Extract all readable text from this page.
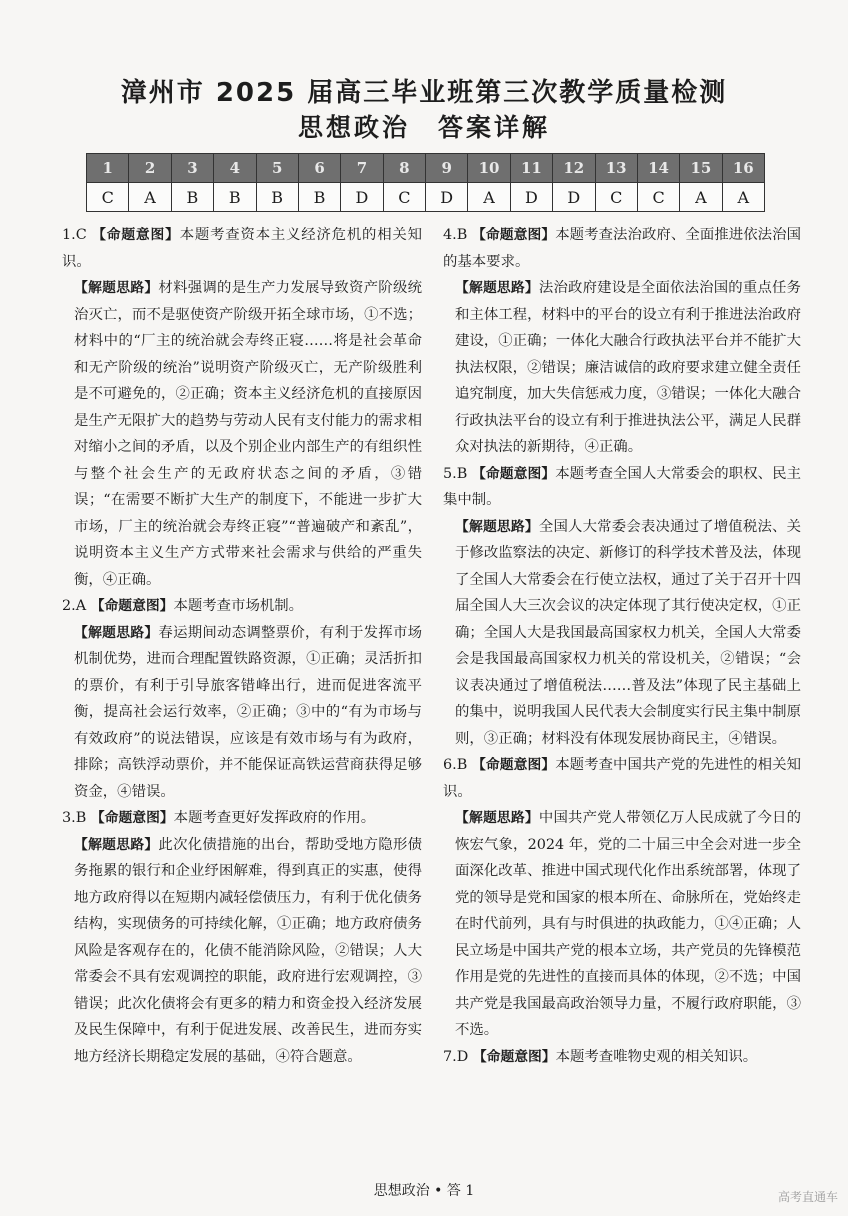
漳州市 2025 届高三毕业班第三次教学质量检测
思想政治 答案详解
1	2	3	4	5	6	7	8	9	10	11	12	13	14	15	16
C	A	B	B	B	B	D	C	D	A	D	D	C	C	A	A

1.C 【命题意图】本题考查资本主义经济危机的相关知识。

【解题思路】材料强调的是生产力发展导致资产阶级统治灭亡，而不是驱使资产阶级开拓全球市场，①不选；材料中的“厂主的统治就会寿终正寝……将是社会革命和无产阶级的统治”说明资产阶级灭亡，无产阶级胜利是不可避免的，②正确；资本主义经济危机的直接原因是生产无限扩大的趋势与劳动人民有支付能力的需求相对缩小之间的矛盾，以及个别企业内部生产的有组织性与整个社会生产的无政府状态之间的矛盾，③错误；“在需要不断扩大生产的制度下，不能进一步扩大市场，厂主的统治就会寿终正寝”“普遍破产和紊乱”，说明资本主义生产方式带来社会需求与供给的严重失衡，④正确。

2.A 【命题意图】本题考查市场机制。

【解题思路】春运期间动态调整票价，有利于发挥市场机制优势，进而合理配置铁路资源，①正确；灵活折扣的票价，有利于引导旅客错峰出行，进而促进客流平衡，提高社会运行效率，②正确；③中的“有为市场与有效政府”的说法错误，应该是有效市场与有为政府，排除；高铁浮动票价，并不能保证高铁运营商获得足够资金，④错误。

3.B 【命题意图】本题考查更好发挥政府的作用。

【解题思路】此次化债措施的出台，帮助受地方隐形债务拖累的银行和企业纾困解难，得到真正的实惠，使得地方政府得以在短期内减轻偿债压力，有利于优化债务结构，实现债务的可持续化解，①正确；地方政府债务风险是客观存在的，化债不能消除风险，②错误；人大常委会不具有宏观调控的职能，政府进行宏观调控，③错误；此次化债将会有更多的精力和资金投入经济发展及民生保障中，有利于促进发展、改善民生，进而夯实地方经济长期稳定发展的基础，④符合题意。

4.B 【命题意图】本题考查法治政府、全面推进依法治国的基本要求。

【解题思路】法治政府建设是全面依法治国的重点任务和主体工程，材料中的平台的设立有利于推进法治政府建设，①正确；一体化大融合行政执法平台并不能扩大执法权限，②错误；廉洁诚信的政府要求建立健全责任追究制度，加大失信惩戒力度，③错误；一体化大融合行政执法平台的设立有利于推进执法公平，满足人民群众对执法的新期待，④正确。

5.B 【命题意图】本题考查全国人大常委会的职权、民主集中制。

【解题思路】全国人大常委会表决通过了增值税法、关于修改监察法的决定、新修订的科学技术普及法，体现了全国人大常委会在行使立法权，通过了关于召开十四届全国人大三次会议的决定体现了其行使决定权，①正确；全国人大是我国最高国家权力机关，全国人大常委会是我国最高国家权力机关的常设机关，②错误；“会议表决通过了增值税法……普及法”体现了民主基础上的集中，说明我国人民代表大会制度实行民主集中制原则，③正确；材料没有体现发展协商民主，④错误。

6.B 【命题意图】本题考查中国共产党的先进性的相关知识。

【解题思路】中国共产党人带领亿万人民成就了今日的恢宏气象，2024 年，党的二十届三中全会对进一步全面深化改革、推进中国式现代化作出系统部署，体现了党的领导是党和国家的根本所在、命脉所在，党始终走在时代前列，具有与时俱进的执政能力，①④正确；人民立场是中国共产党的根本立场，共产党员的先锋模范作用是党的先进性的直接而具体的体现，②不选；中国共产党是我国最高政治领导力量，不履行政府职能，③不选。

7.D 【命题意图】本题考查唯物史观的相关知识。

思想政治 • 答 1	高考直通车
